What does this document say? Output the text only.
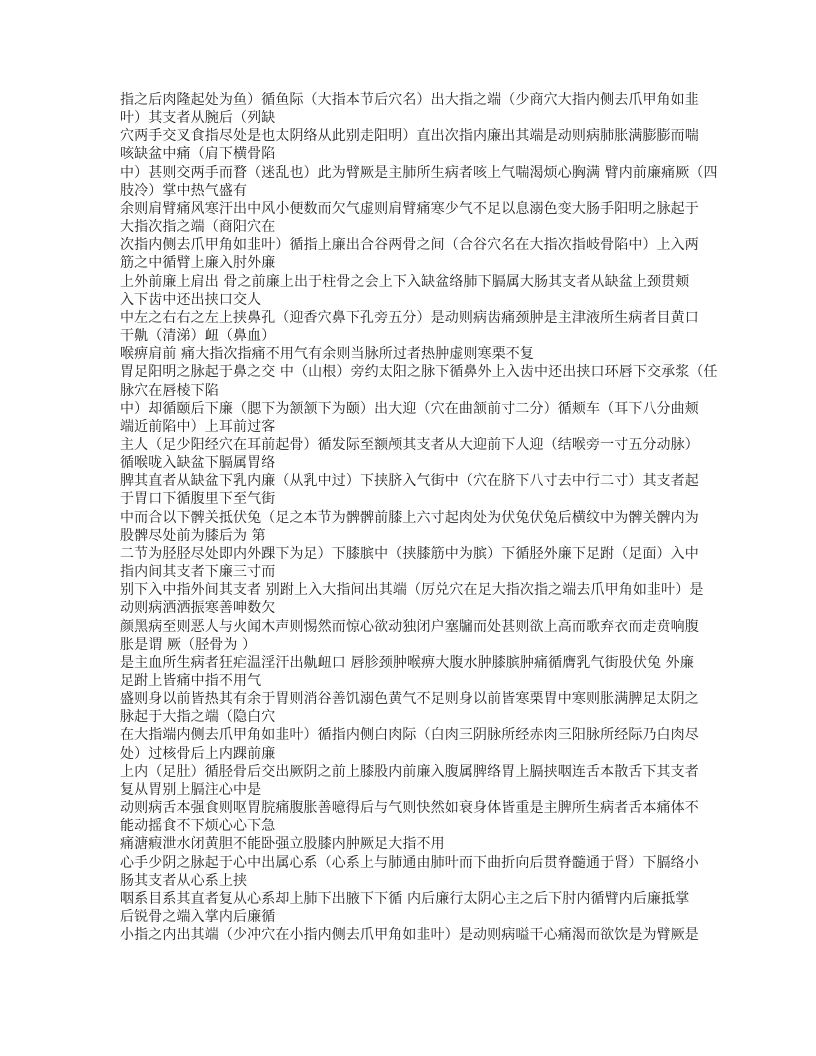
指之后肉隆起处为鱼）循鱼际（大指本节后穴名）出大指之端（少商穴大指内侧去爪甲角如韭
叶）其支者从腕后（列缺
穴两手交叉食指尽处是也太阴络从此别走阳明）直出次指内廉出其端是动则病肺胀满膨膨而喘
咳缺盆中痛（肩下横骨陷
中）甚则交两手而瞀（迷乱也）此为臂厥是主肺所生病者咳上气喘渴烦心胸满 臂内前廉痛厥（四
肢冷）掌中热气盛有
余则肩臂痛风寒汗出中风小便数而欠气虚则肩臂痛寒少气不足以息溺色变大肠手阳明之脉起于
大指次指之端（商阳穴在
次指内侧去爪甲角如韭叶）循指上廉出合谷两骨之间（合谷穴名在大指次指岐骨陷中）上入两
筋之中循臂上廉入肘外廉
上外前廉上肩出 骨之前廉上出于柱骨之会上下入缺盆络肺下膈属大肠其支者从缺盆上颈贯颊
入下齿中还出挟口交人
中左之右右之左上挟鼻孔（迎香穴鼻下孔旁五分）是动则病齿痛颈肿是主津液所生病者目黄口
干鼽（清涕）衄（鼻血）
喉痹肩前 痛大指次指痛不用气有余则当脉所过者热肿虚则寒栗不复
胃足阳明之脉起于鼻之交 中（山根）旁约太阳之脉下循鼻外上入齿中还出挟口环唇下交承浆（任
脉穴在唇棱下陷
中）却循颐后下廉（腮下为颔颔下为颐）出大迎（穴在曲颔前寸二分）循颊车（耳下八分曲颊
端近前陷中）上耳前过客
主人（足少阳经穴在耳前起骨）循发际至额颅其支者从大迎前下人迎（结喉旁一寸五分动脉）
循喉咙入缺盆下膈属胃络
脾其直者从缺盆下乳内廉（从乳中过）下挟脐入气街中（穴在脐下八寸去中行二寸）其支者起
于胃口下循腹里下至气街
中而合以下髀关抵伏兔（足之本节为髀髀前膝上六寸起肉处为伏兔伏兔后横纹中为髀关髀内为
股髀尽处前为膝后为 第
二节为胫胫尽处即内外踝下为足）下膝膑中（挟膝筋中为膑）下循胫外廉下足跗（足面）入中
指内间其支者下廉三寸而
别下入中指外间其支者 别跗上入大指间出其端（厉兑穴在足大指次指之端去爪甲角如韭叶）是
动则病洒洒振寒善呻数欠
颜黑病至则恶人与火闻木声则惕然而惊心欲动独闭户塞牖而处甚则欲上高而歌弃衣而走贲响腹
胀是谓 厥（胫骨为 ）
是主血所生病者狂疟温淫汗出鼽衄口 唇胗颈肿喉痹大腹水肿膝膑肿痛循膺乳气街股伏兔 外廉
足跗上皆痛中指不用气
盛则身以前皆热其有余于胃则消谷善饥溺色黄气不足则身以前皆寒栗胃中寒则胀满脾足太阴之
脉起于大指之端（隐白穴
在大指端内侧去爪甲角如韭叶）循指内侧白肉际（白肉三阴脉所经赤肉三阳脉所经际乃白肉尽
处）过核骨后上内踝前廉
上内（足肚）循胫骨后交出厥阴之前上膝股内前廉入腹属脾络胃上膈挟咽连舌本散舌下其支者
复从胃别上膈注心中是
动则病舌本强食则呕胃脘痛腹胀善噫得后与气则快然如衰身体皆重是主脾所生病者舌本痛体不
能动摇食不下烦心心下急
痛溏瘕泄水闭黄胆不能卧强立股膝内肿厥足大指不用
心手少阴之脉起于心中出属心系（心系上与肺通由肺叶而下曲折向后贯脊髓通于肾）下膈络小
肠其支者从心系上挟
咽系目系其直者复从心系却上肺下出腋下下循 内后廉行太阴心主之后下肘内循臂内后廉抵掌
后锐骨之端入掌内后廉循
小指之内出其端（少冲穴在小指内侧去爪甲角如韭叶）是动则病嗌干心痛渴而欲饮是为臂厥是
